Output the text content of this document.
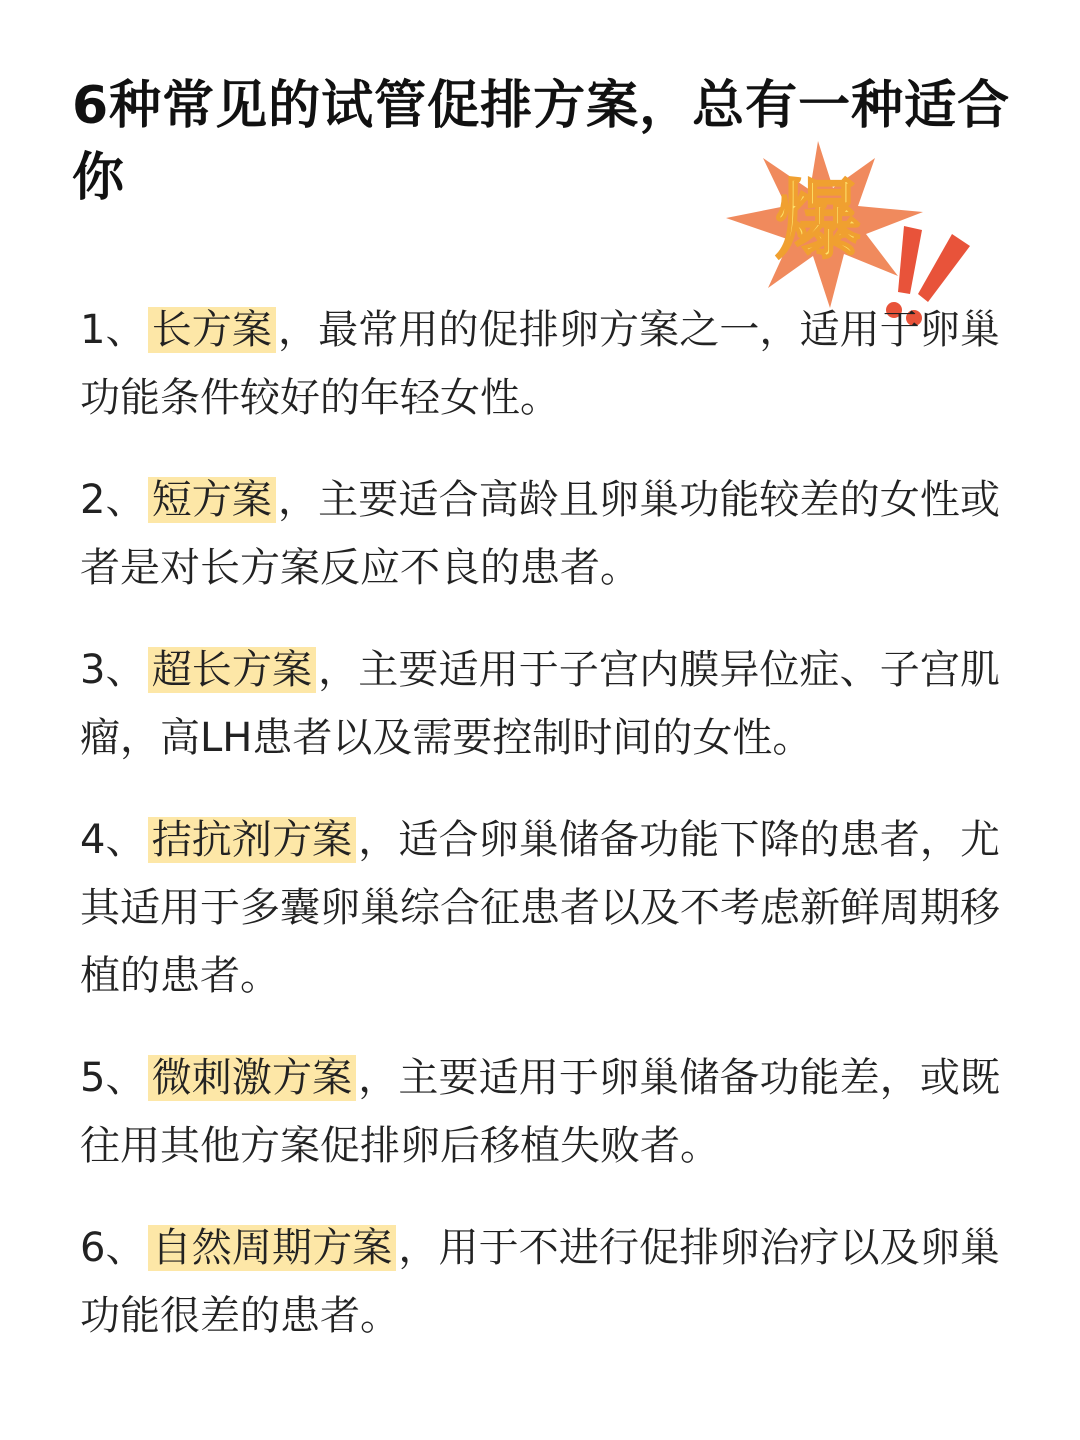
6种常见的试管促排方案，总有一种适合你	爆

1、 长方案 ，最常用的促排卵方案之一，适用于卵巢功能条件较好的年轻女性。

2、 短方案 ，主要适合高龄且卵巢功能较差的女性或者是对长方案反应不良的患者。

3、 超长方案 ，主要适用于子宫内膜异位症、子宫肌瘤，高LH患者以及需要控制时间的女性。

4、 拮抗剂方案 ，适合卵巢储备功能下降的患者，尤其适用于多囊卵巢综合征患者以及不考虑新鲜周期移植的患者。

5、 微刺激方案 ，主要适用于卵巢储备功能差，或既往用其他方案促排卵后移植失败者。

6、 自然周期方案 ，用于不进行促排卵治疗以及卵巢功能很差的患者。
